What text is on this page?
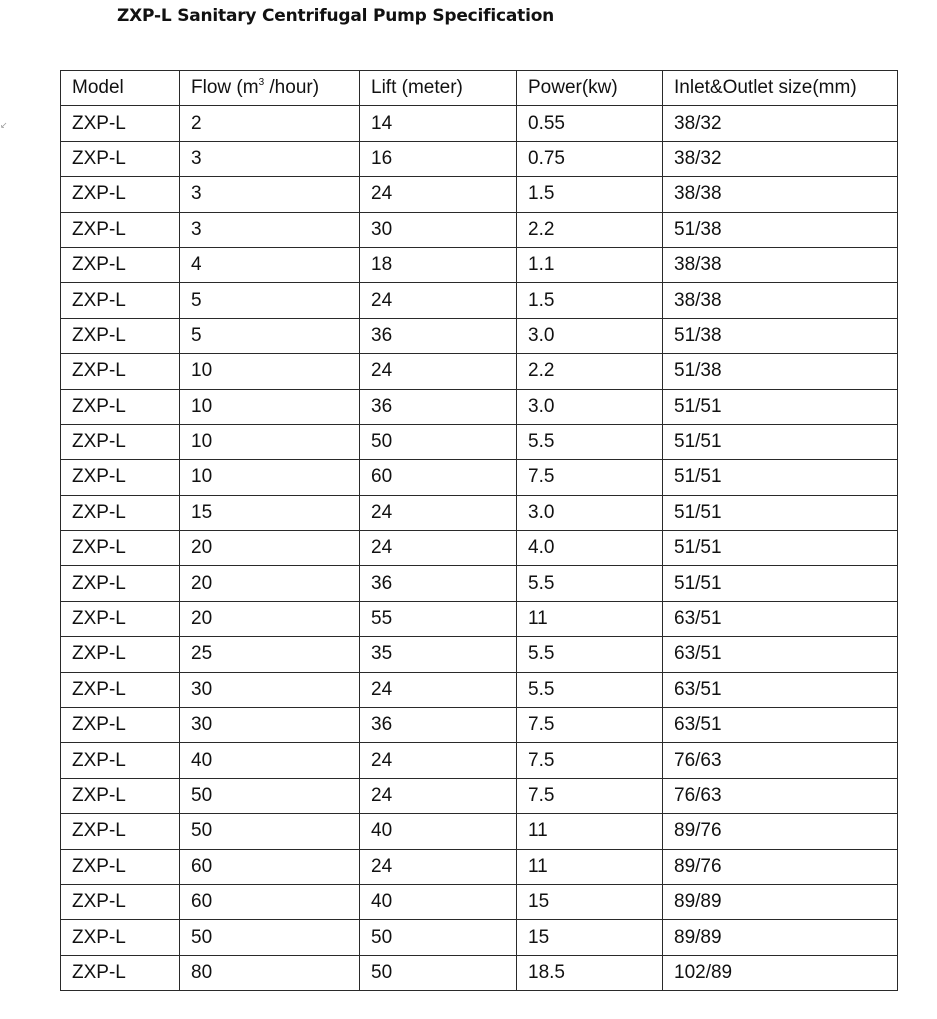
ZXP-L Sanitary Centrifugal Pump Specification
↙
Model	Flow ($m^3$ /hour)	Lift (meter)	Power(kw)	Inlet&Outlet size(mm)
ZXP-L	2	14	0.55	38/32
ZXP-L	3	16	0.75	38/32
ZXP-L	3	24	1.5	38/38
ZXP-L	3	30	2.2	51/38
ZXP-L	4	18	1.1	38/38
ZXP-L	5	24	1.5	38/38
ZXP-L	5	36	3.0	51/38
ZXP-L	10	24	2.2	51/38
ZXP-L	10	36	3.0	51/51
ZXP-L	10	50	5.5	51/51
ZXP-L	10	60	7.5	51/51
ZXP-L	15	24	3.0	51/51
ZXP-L	20	24	4.0	51/51
ZXP-L	20	36	5.5	51/51
ZXP-L	20	55	11	63/51
ZXP-L	25	35	5.5	63/51
ZXP-L	30	24	5.5	63/51
ZXP-L	30	36	7.5	63/51
ZXP-L	40	24	7.5	76/63
ZXP-L	50	24	7.5	76/63
ZXP-L	50	40	11	89/76
ZXP-L	60	24	11	89/76
ZXP-L	60	40	15	89/89
ZXP-L	50	50	15	89/89
ZXP-L	80	50	18.5	102/89
